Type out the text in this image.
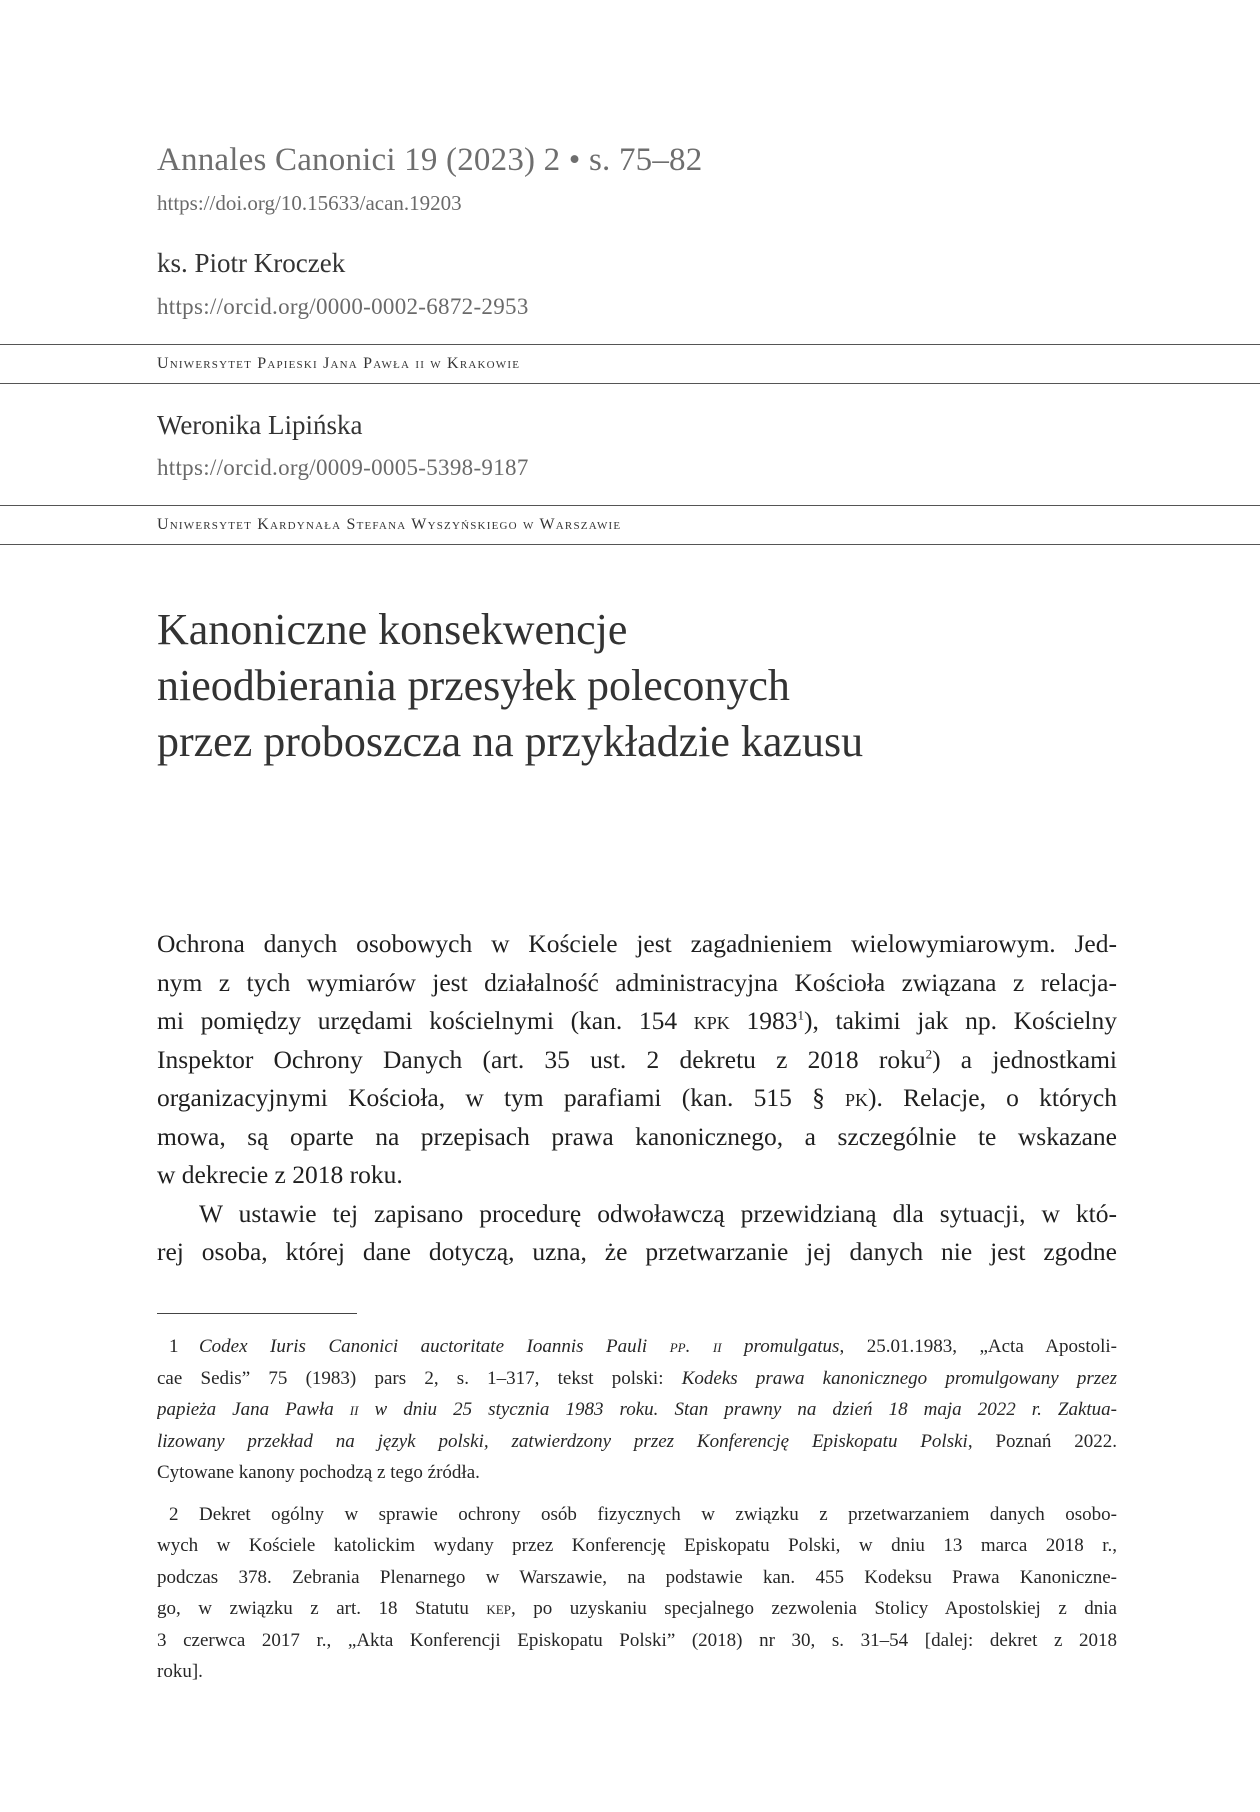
Annales Canonici 19 (2023) 2 • s. 75–82
https://doi.org/10.15633/acan.19203
ks. Piotr Kroczek
https://orcid.org/0000-0002-6872-2953
Uniwersytet Papieski Jana Pawła ii w Krakowie
Weronika Lipińska
https://orcid.org/0009-0005-5398-9187
Uniwersytet Kardynała Stefana Wyszyńskiego w Warszawie
Kanoniczne konsekwencje
nieodbierania przesyłek poleconych
przez proboszcza na przykładzie kazusu
Ochrona danych osobowych w Kościele jest zagadnieniem wielowymiarowym. Jed-
nym z tych wymiarów jest działalność administracyjna Kościoła związana z relacja-
mi pomiędzy urzędami kościelnymi (kan. 154 kpk 1983$^1$), takimi jak np. Kościelny
Inspektor Ochrony Danych (art. 35 ust. 2 dekretu z 2018 roku$^2$) a jednostkami
organizacyjnymi Kościoła, w tym parafiami (kan. 515 § pk). Relacje, o których
mowa, są oparte na przepisach prawa kanonicznego, a szczególnie te wskazane
w dekrecie z 2018 roku.
W ustawie tej zapisano procedurę odwoławczą przewidzianą dla sytuacji, w któ-
rej osoba, której dane dotyczą, uzna, że przetwarzanie jej danych nie jest zgodne
1 Codex Iuris Canonici auctoritate Ioannis Pauli pp. ii promulgatus, 25.01.1983, „Acta Apostoli-
cae Sedis” 75 (1983) pars 2, s. 1–317, tekst polski: Kodeks prawa kanonicznego promulgowany przez
papieża Jana Pawła ii w dniu 25 stycznia 1983 roku. Stan prawny na dzień 18 maja 2022 r. Zaktua-
lizowany przekład na język polski, zatwierdzony przez Konferencję Episkopatu Polski, Poznań 2022.
Cytowane kanony pochodzą z tego źródła.
2 Dekret ogólny w sprawie ochrony osób fizycznych w związku z przetwarzaniem danych osobo-
wych w Kościele katolickim wydany przez Konferencję Episkopatu Polski, w dniu 13 marca 2018 r.,
podczas 378. Zebrania Plenarnego w Warszawie, na podstawie kan. 455 Kodeksu Prawa Kanoniczne-
go, w związku z art. 18 Statutu kep, po uzyskaniu specjalnego zezwolenia Stolicy Apostolskiej z dnia
3 czerwca 2017 r., „Akta Konferencji Episkopatu Polski” (2018) nr 30, s. 31–54 [dalej: dekret z 2018
roku].
